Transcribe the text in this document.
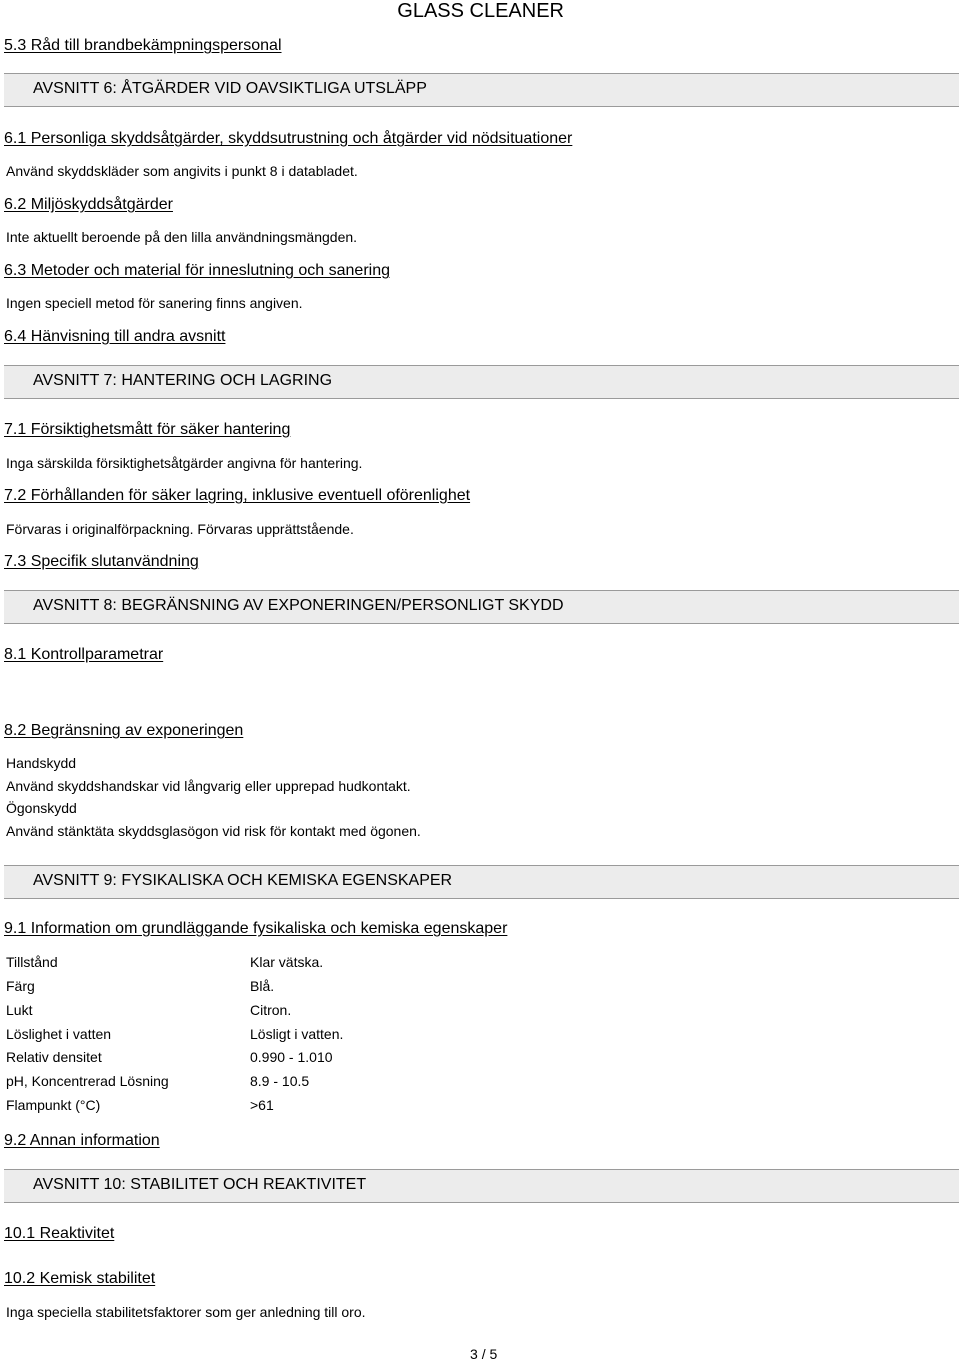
GLASS CLEANER
5.3 Råd till brandbekämpningspersonal
AVSNITT 6: ÅTGÄRDER VID OAVSIKTLIGA UTSLÄPP
6.1 Personliga skyddsåtgärder, skyddsutrustning och åtgärder vid nödsituationer
Använd skyddskläder som angivits i punkt 8 i databladet.
6.2 Miljöskyddsåtgärder
Inte aktuellt beroende på den lilla användningsmängden.
6.3 Metoder och material för inneslutning och sanering
Ingen speciell metod för sanering finns angiven.
6.4 Hänvisning till andra avsnitt
AVSNITT 7: HANTERING OCH LAGRING
7.1 Försiktighetsmått för säker hantering
Inga särskilda försiktighetsåtgärder angivna för hantering.
7.2 Förhållanden för säker lagring, inklusive eventuell oförenlighet
Förvaras i originalförpackning. Förvaras upprättstående.
7.3 Specifik slutanvändning
AVSNITT 8: BEGRÄNSNING AV EXPONERINGEN/PERSONLIGT SKYDD
8.1 Kontrollparametrar
8.2 Begränsning av exponeringen
Handskydd
Använd skyddshandskar vid långvarig eller upprepad hudkontakt.
Ögonskydd
Använd stänktäta skyddsglasögon vid risk för kontakt med ögonen.
AVSNITT 9: FYSIKALISKA OCH KEMISKA EGENSKAPER
9.1 Information om grundläggande fysikaliska och kemiska egenskaper
Tillstånd	Klar vätska.
Färg	Blå.
Lukt	Citron.
Löslighet i vatten	Lösligt i vatten.
Relativ densitet	0.990 - 1.010
pH, Koncentrerad Lösning	8.9 - 10.5
Flampunkt (°C)	>61
9.2 Annan information
AVSNITT 10: STABILITET OCH REAKTIVITET
10.1 Reaktivitet
10.2 Kemisk stabilitet
Inga speciella stabilitetsfaktorer som ger anledning till oro.
3 / 5
